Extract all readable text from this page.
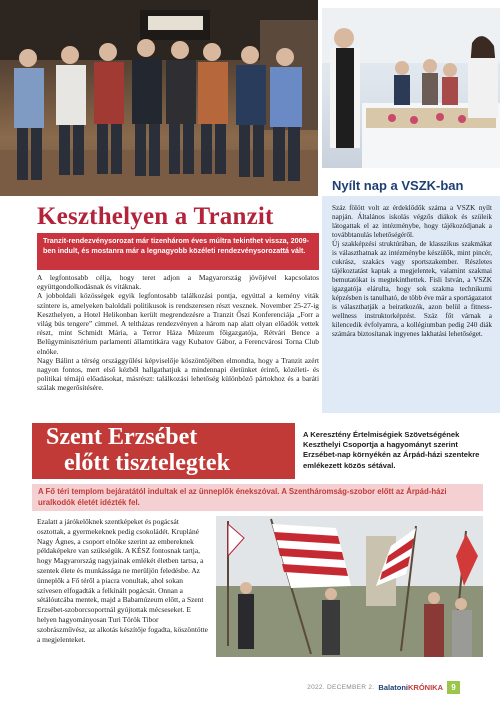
Keszthelyen a Tranzit
Tranzit-rendezvénysorozat már tizenhárom éves múltra tekinthet vissza, 2009-ben indult, és mostanra már a legnagyobb közéleti rendezvénysorozattá vált.

A legfontosabb célja, hogy teret adjon a Magyarország jövőjével kapcsolatos együttgondolkodásnak és vitáknak.

A jobboldali közösségek egyik legfontosabb találkozási pontja, egyúttal a kemény viták színtere is, amelyeken baloldali politikusok is rendszeresen részt vesznek. November 25-27-ig Keszthelyen, a Hotel Helikonban került megrendezésre a Tranzit Őszi Konferenciája „Forr a világ bús tengere” címmel. A teltházas rendezvényen a három nap alatt olyan előadók vettek részt, mint Schmidt Mária, a Terror Háza Múzeum főigazgatója, Rétvári Bence a Belügyminisztérium parlamenti államtitkára vagy Kubatov Gábor, a Ferencvárosi Torna Club elnöke.

Nagy Bálint a térség országgyűlési képviselője köszöntőjében elmondta, hogy a Tranzit azért nagyon fontos, mert első kézből hallgathatjuk a mindennapi életünket érintő, közéleti- és politikai témájú előadásokat, másrészt: találkozási lehetőség különböző pártokhoz és a baráti szálak megerősítésére.

Nyílt nap a VSZK-ban

Száz fölött volt az érdeklődők száma a VSZK nyílt napján. Általános iskolás végzős diákok és szüleik látogattak el az intézménybe, hogy tájékozódjanak a továbbtanulás lehetőségéről.

Új szakképzési struktúrában, de klasszikus szakmákat is választhatnak az intézménybe készülők, mint pincér, cukrász, szakács vagy sportszakember. Részletes tájékoztatást kaptak a megjelentek, valamint szakmai bemutatókat is megtekinthettek. Fisli István, a VSZK igazgatója elárulta, hogy sok szakma technikumi képzésben is tanulható, de több éve már a sportágazatot is választhatják a beiratkozók, azon belül a fitness-wellness instruktorképzést. Száz főt várnak a kilencedik évfolyamra, a kollégiumban pedig 240 diák számára biztosítanak ingyenes lakhatási lehetőséget.

Szent Erzsébet
előtt tisztelegtek
A Keresztény Értelmiségiek Szövetségének Keszthelyi Csoportja a hagyományt szerint Erzsébet-nap környékén az Árpád-házi szentekre emlékezett közös sétával.
A Fő téri templom bejáratától indultak el az ünneplők énekszóval. A Szentháromság-szobor előtt az Árpád-házi uralkodók életét idézték fel.

Ezalatt a járókelőknek szentképeket és pogácsát osztottak, a gyermekeknek pedig csokoládét. Krupláné Nagy Ágnes, a csoport elnöke szerint az embereknek példaképekre van szükségük. A KÉSZ fontosnak tartja, hogy Magyarország nagyjainak emlékét életben tartsa, a szentek élete és munkássága ne merüljön feledésbe. Az ünneplők a Fő téről a piacra vonultak, ahol sokan szívesen elfogadták a felkínált pogácsát. Onnan a sétálóutcába mentek, majd a Babamúzeum előtt, a Szent Erzsébet-szoborcsoportnál gyújtottak mécseseket. E helyen hagyományosan Turi Török Tibor szobrászművész, az alkotás készítője fogadta, köszöntötte a megjelenteket.

2022. DECEMBER 2. BalatoniKRÓNIKA	9
